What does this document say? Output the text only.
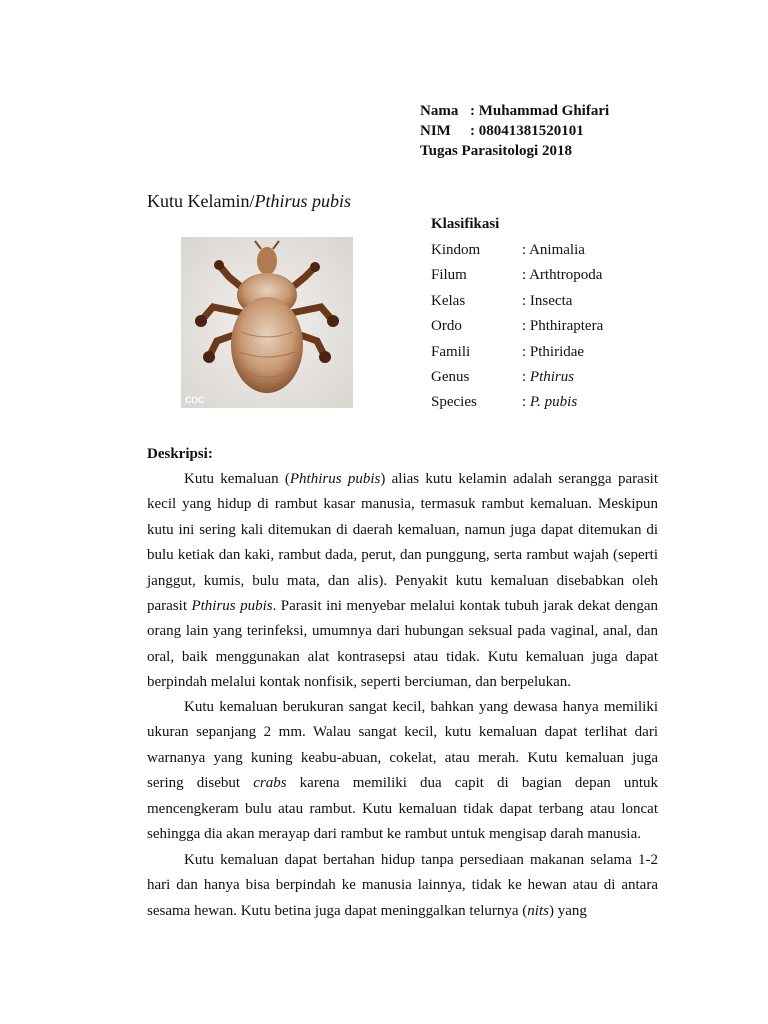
Nama : Muhammad Ghifari
NIM	: 08041381520101
Tugas Parasitologi 2018
Kutu Kelamin/Pthirus pubis
CDC
Klasifikasi
Kindom	: Animalia
Filum	: Arthtropoda
Kelas	: Insecta
Ordo	: Phthiraptera
Famili	: Pthiridae
Genus	: Pthirus
Species	: P. pubis
Deskripsi:

Kutu kemaluan (Phthirus pubis) alias kutu kelamin adalah serangga parasit kecil yang hidup di rambut kasar manusia, termasuk rambut kemaluan. Meskipun kutu ini sering kali ditemukan di daerah kemaluan, namun juga dapat ditemukan di bulu ketiak dan kaki, rambut dada, perut, dan punggung, serta rambut wajah (seperti janggut, kumis, bulu mata, dan alis). Penyakit kutu kemaluan disebabkan oleh parasit Pthirus pubis. Parasit ini menyebar melalui kontak tubuh jarak dekat dengan orang lain yang terinfeksi, umumnya dari hubungan seksual pada vaginal, anal, dan oral, baik menggunakan alat kontrasepsi atau tidak. Kutu kemaluan juga dapat berpindah melalui kontak nonfisik, seperti berciuman, dan berpelukan.

Kutu kemaluan berukuran sangat kecil, bahkan yang dewasa hanya memiliki ukuran sepanjang 2 mm. Walau sangat kecil, kutu kemaluan dapat terlihat dari warnanya yang kuning keabu-abuan, cokelat, atau merah. Kutu kemaluan juga sering disebut crabs karena memiliki dua capit di bagian depan untuk mencengkeram bulu atau rambut. Kutu kemaluan tidak dapat terbang atau loncat sehingga dia akan merayap dari rambut ke rambut untuk mengisap darah manusia.

Kutu kemaluan dapat bertahan hidup tanpa persediaan makanan selama 1-2 hari dan hanya bisa berpindah ke manusia lainnya, tidak ke hewan atau di antara sesama hewan. Kutu betina juga dapat meninggalkan telurnya (nits) yang
